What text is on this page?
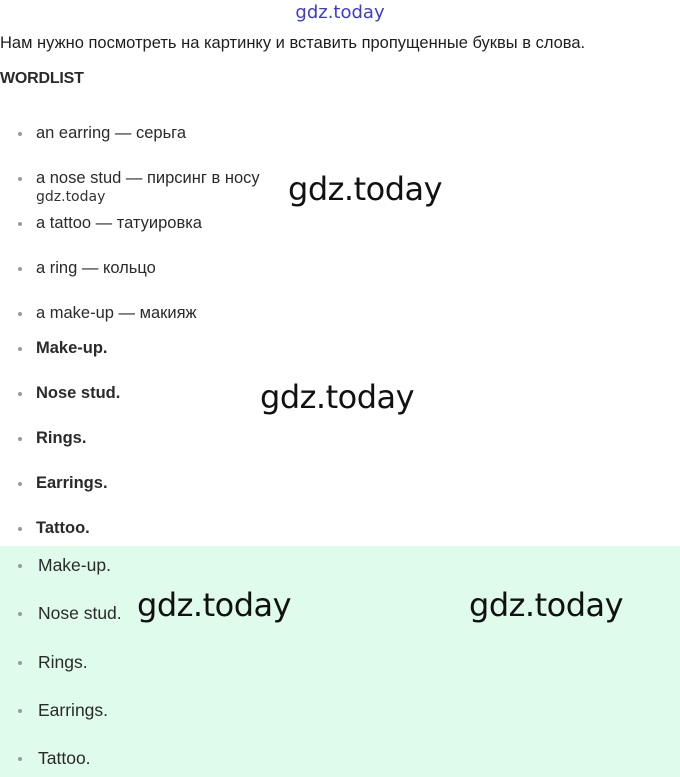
gdz.today
Нам нужно посмотреть на картинку и вставить пропущенные буквы в слова.
WORDLIST
an earring — серьга
a nose stud — пирсинг в носу
a tattoo — татуировка
a ring — кольцо
a make-up — макияж
Make-up.
Nose stud.
Rings.
Earrings.
Tattoo.
Make-up.
Nose stud.
Rings.
Earrings.
Tattoo.
gdz.today
gdz.today
gdz.today
gdz.today	gdz.today
